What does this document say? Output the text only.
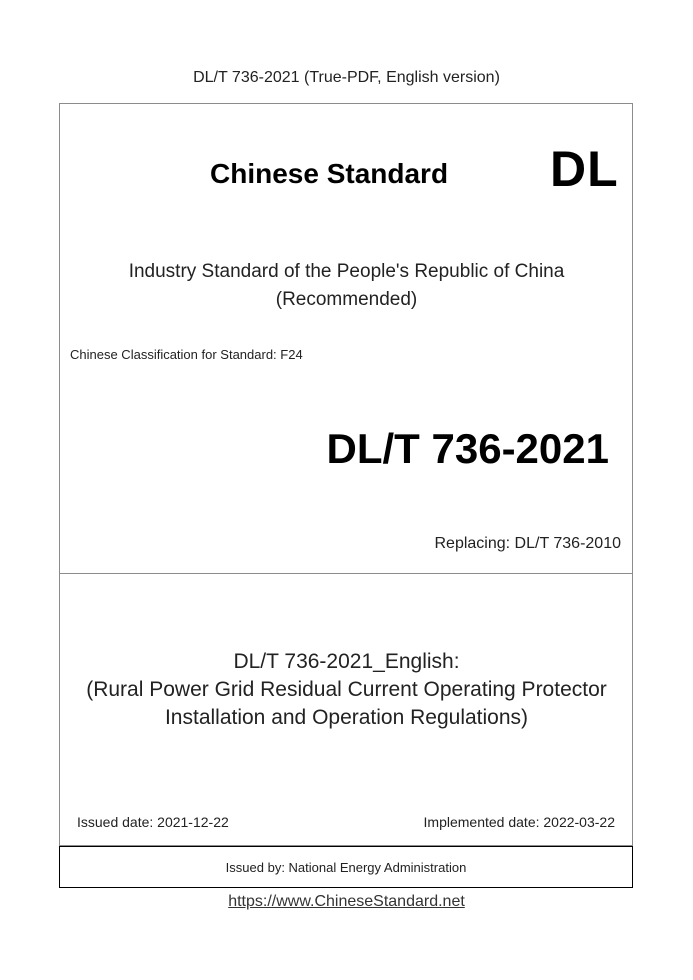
DL/T 736-2021 (True-PDF, English version)
Issued by: National Energy Administration
Chinese Standard DL
Industry Standard of the People's Republic of China
(Recommended)
Chinese Classification for Standard: F24
DL/T 736-2021
Replacing: DL/T 736-2010
DL/T 736-2021_English:
(Rural Power Grid Residual Current Operating Protector
Installation and Operation Regulations)
Issued date: 2021-12-22	Implemented date: 2022-03-22
https://www.ChineseStandard.net
